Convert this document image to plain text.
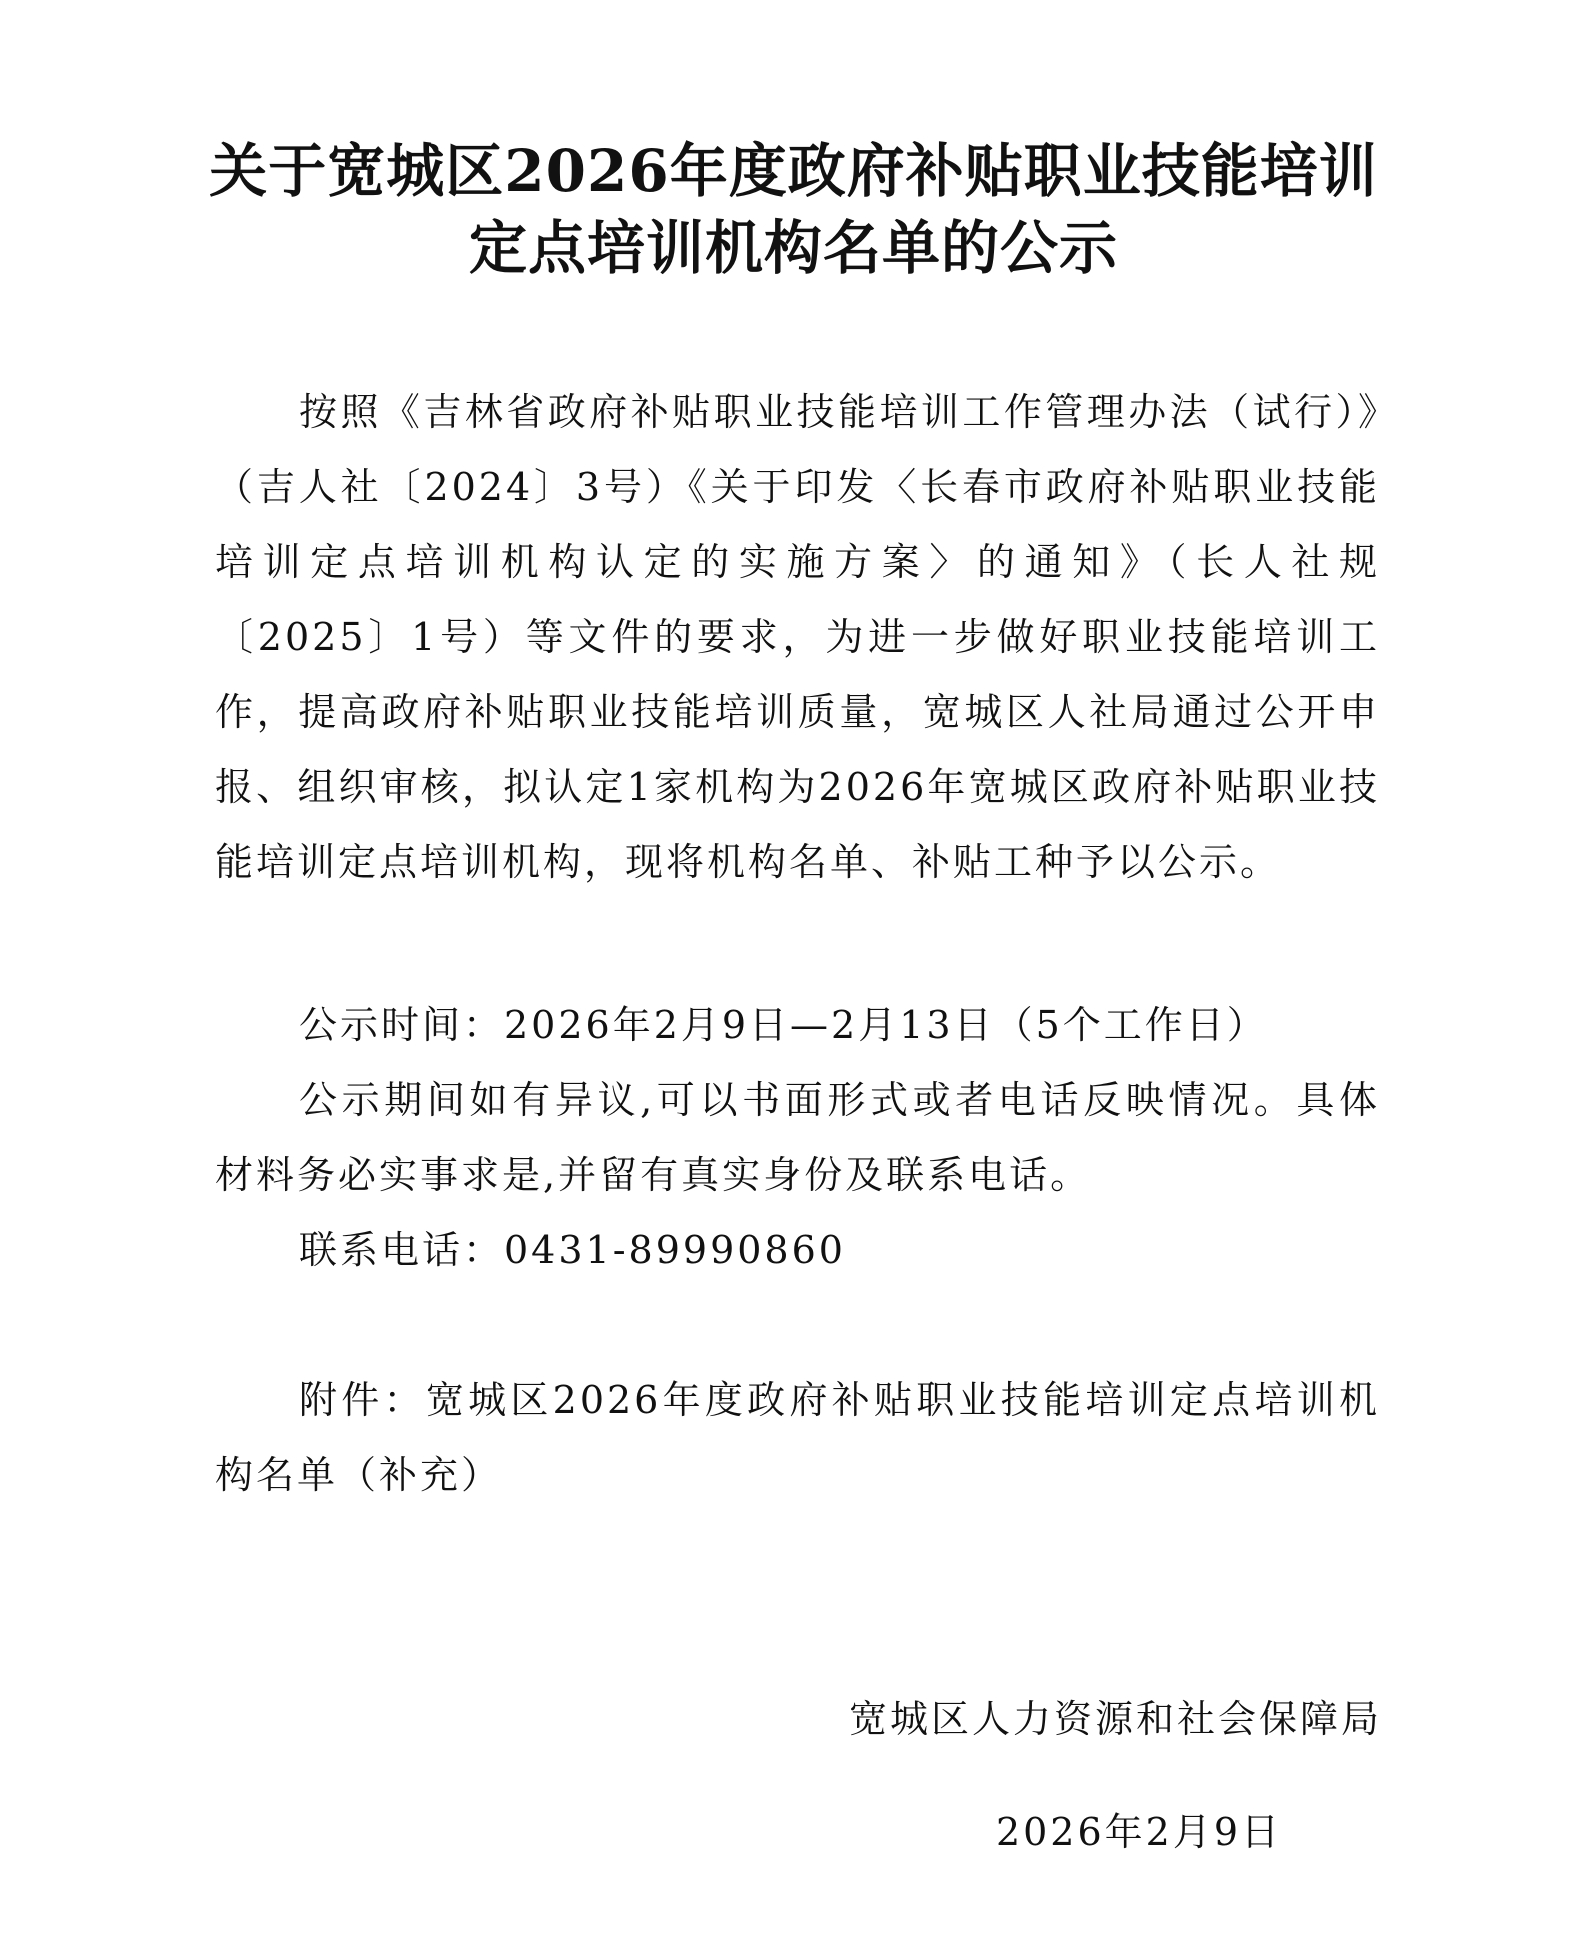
关于宽城区2026年度政府补贴职业技能培训
定点培训机构名单的公示
按照《吉林省政府补贴职业技能培训工作管理办法（试行）》（吉人社〔2024〕3号）《关于印发〈长春市政府补贴职业技能培训定点培训机构认定的实施方案〉的通知》（长人社规〔2025〕1号）等文件的要求，为进一步做好职业技能培训工作，提高政府补贴职业技能培训质量，宽城区人社局通过公开申报、组织审核，拟认定1家机构为2026年宽城区政府补贴职业技能培训定点培训机构，现将机构名单、补贴工种予以公示。
公示时间：2026年2月9日—2月13日（5个工作日）
公示期间如有异议,可以书面形式或者电话反映情况。具体材料务必实事求是,并留有真实身份及联系电话。
联系电话：0431-89990860
附件：宽城区2026年度政府补贴职业技能培训定点培训机构名单（补充）
宽城区人力资源和社会保障局
2026年2月9日
